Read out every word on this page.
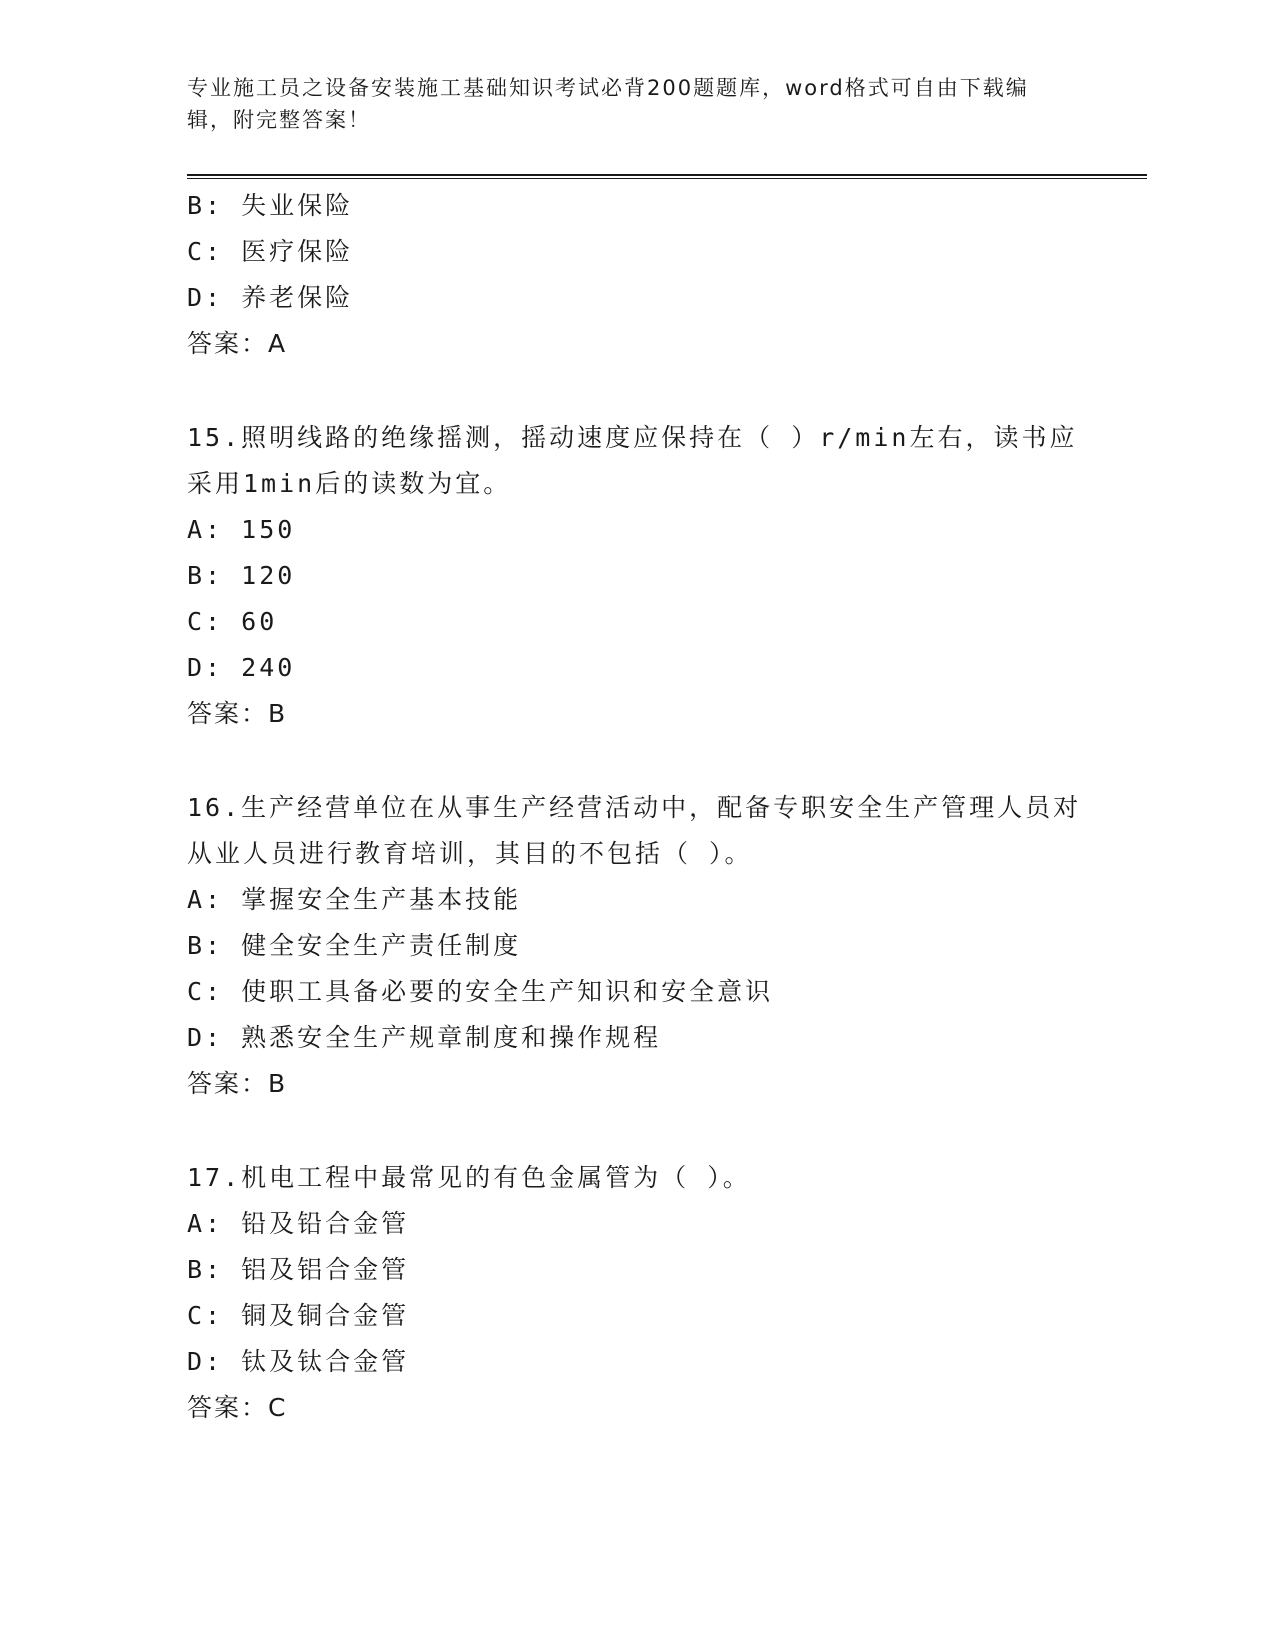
专业施工员之设备安装施工基础知识考试必背200题题库，word格式可自由下载编辑，附完整答案！

B: 失业保险

C: 医疗保险

D: 养老保险

答案：A

15.照明线路的绝缘摇测，摇动速度应保持在（ ）r/min左右，读书应采用1min后的读数为宜。

A: 150

B: 120

C: 60

D: 240

答案：B

16.生产经营单位在从事生产经营活动中，配备专职安全生产管理人员对从业人员进行教育培训，其目的不包括（ ）。

A: 掌握安全生产基本技能

B: 健全安全生产责任制度

C: 使职工具备必要的安全生产知识和安全意识

D: 熟悉安全生产规章制度和操作规程

答案：B

17.机电工程中最常见的有色金属管为（ ）。

A: 铅及铅合金管

B: 铝及铝合金管

C: 铜及铜合金管

D: 钛及钛合金管

答案：C
